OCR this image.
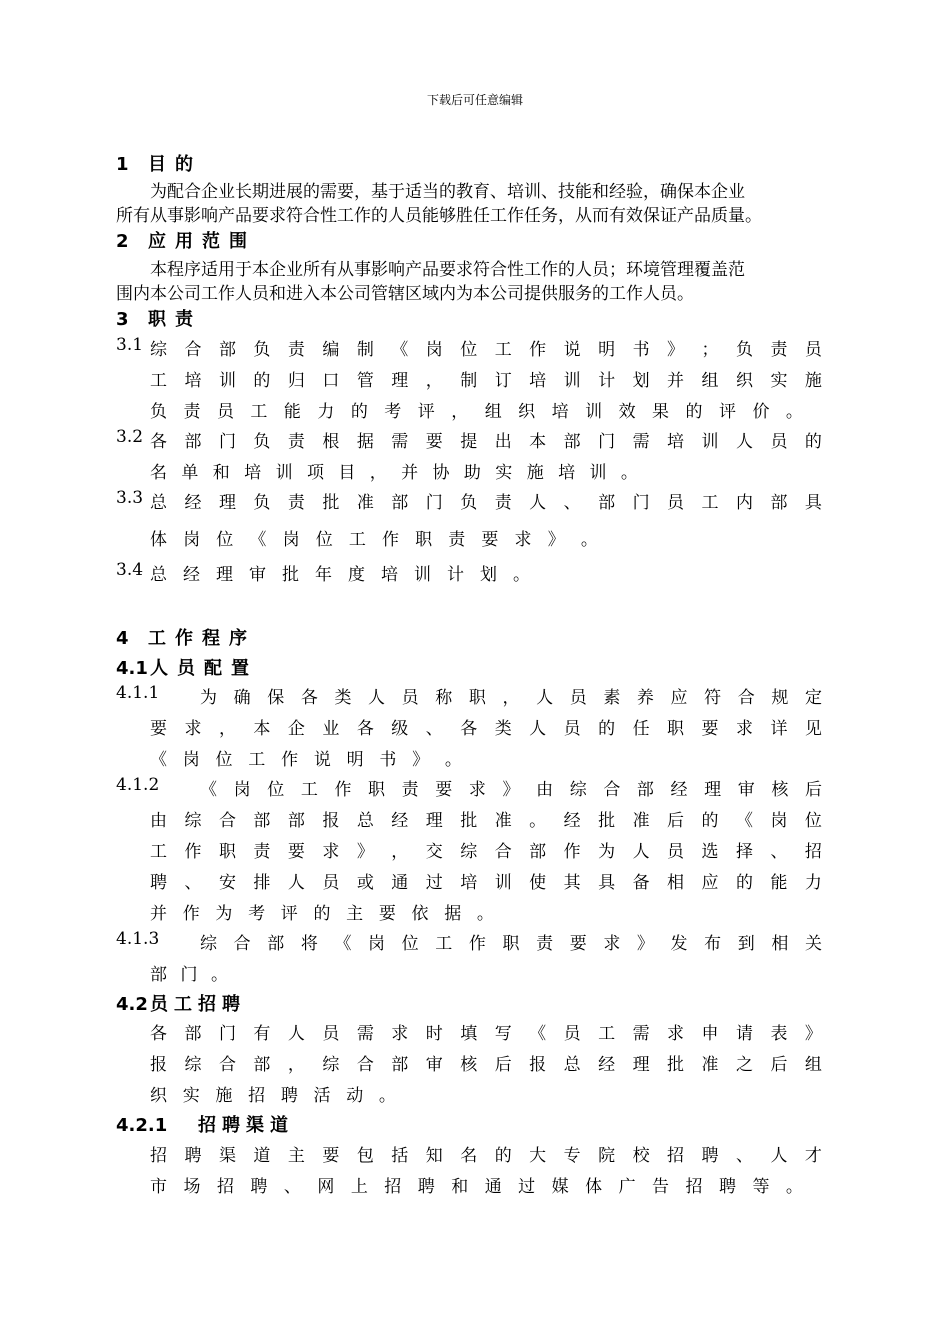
下载后可任意编辑
1 目的
为配合企业长期进展的需要，基于适当的教育、培训、技能和经验，确保本企业
所有从事影响产品要求符合性工作的人员能够胜任工作任务，从而有效保证产品质量。
2 应用范围
本程序适用于本企业所有从事影响产品要求符合性工作的人员；环境管理覆盖范
围内本公司工作人员和进入本公司管辖区域内为本公司提供服务的工作人员。
3 职责
3.1 综 合 部 负 责 编 制 《 岗 位 工 作 说 明 书 》 ； 负 责 员
工 培 训 的 归 口 管 理 ， 制 订 培 训 计 划 并 组 织 实 施
负 责 员 工 能 力 的 考 评 ， 组 织 培 训 效 果 的 评 价 。
3.2 各 部 门 负 责 根 据 需 要 提 出 本 部 门 需 培 训 人 员 的
名 单 和 培 训 项 目 ， 并 协 助 实 施 培 训 。
3.3 总 经 理 负 责 批 准 部 门 负 责 人 、 部 门 员 工 内 部 具
体 岗 位 《 岗 位 工 作 职 责 要 求 》 。
3.4 总 经 理 审 批 年 度 培 训 计 划 。
4 工作程序
4.1 人员配置
4.1.1 为 确 保 各 类 人 员 称 职 ， 人 员 素 养 应 符 合 规 定
要 求 ， 本 企 业 各 级 、 各 类 人 员 的 任 职 要 求 详 见
《 岗 位 工 作 说 明 书 》 。
4.1.2 《 岗 位 工 作 职 责 要 求 》 由 综 合 部 经 理 审 核 后
由 综 合 部 部 报 总 经 理 批 准 。 经 批 准 后 的 《 岗 位
工 作 职 责 要 求 》 ， 交 综 合 部 作 为 人 员 选 择 、 招
聘 、 安 排 人 员 或 通 过 培 训 使 其 具 备 相 应 的 能 力
并 作 为 考 评 的 主 要 依 据 。
4.1.3 综 合 部 将 《 岗 位 工 作 职 责 要 求 》 发 布 到 相 关
部 门 。
4.2 员工招聘
各 部 门 有 人 员 需 求 时 填 写 《 员 工 需 求 申 请 表 》
报 综 合 部 ， 综 合 部 审 核 后 报 总 经 理 批 准 之 后 组
织 实 施 招 聘 活 动 。
4.2.1 招聘渠道
招 聘 渠 道 主 要 包 括 知 名 的 大 专 院 校 招 聘 、 人 才
市 场 招 聘 、 网 上 招 聘 和 通 过 媒 体 广 告 招 聘 等 。
